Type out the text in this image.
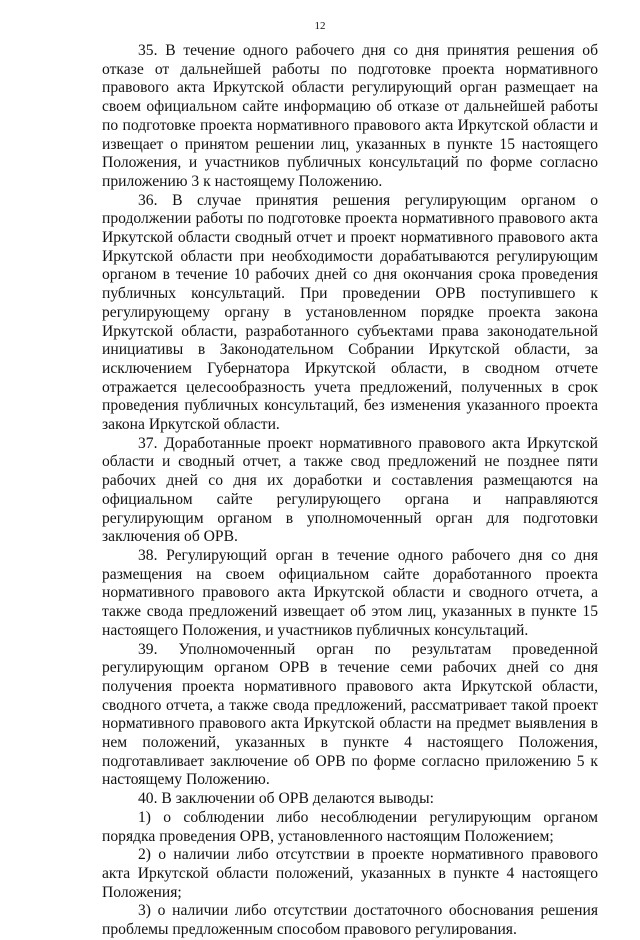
12

35. В течение одного рабочего дня со дня принятия решения об отказе от дальнейшей работы по подготовке проекта нормативного правового акта Иркутской области регулирующий орган размещает на своем официальном сайте информацию об отказе от дальнейшей работы по подготовке проекта нормативного правового акта Иркутской области и извещает о принятом решении лиц, указанных в пункте 15 настоящего Положения, и участников публичных консультаций по форме согласно приложению 3 к настоящему Положению.

36. В случае принятия решения регулирующим органом о продолжении работы по подготовке проекта нормативного правового акта Иркутской области сводный отчет и проект нормативного правового акта Иркутской области при необходимости дорабатываются регулирующим органом в течение 10 рабочих дней со дня окончания срока проведения публичных консультаций. При проведении ОРВ поступившего к регулирующему органу в установленном порядке проекта закона Иркутской области, разработанного субъектами права законодательной инициативы в Законодательном Собрании Иркутской области, за исключением Губернатора Иркутской области, в сводном отчете отражается целесообразность учета предложений, полученных в срок проведения публичных консультаций, без изменения указанного проекта закона Иркутской области.

37. Доработанные проект нормативного правового акта Иркутской области и сводный отчет, а также свод предложений не позднее пяти рабочих дней со дня их доработки и составления размещаются на официальном сайте регулирующего органа и направляются регулирующим органом в уполномоченный орган для подготовки заключения об ОРВ.

38. Регулирующий орган в течение одного рабочего дня со дня размещения на своем официальном сайте доработанного проекта нормативного правового акта Иркутской области и сводного отчета, а также свода предложений извещает об этом лиц, указанных в пункте 15 настоящего Положения, и участников публичных консультаций.

39. Уполномоченный орган по результатам проведенной регулирующим органом ОРВ в течение семи рабочих дней со дня получения проекта нормативного правового акта Иркутской области, сводного отчета, а также свода предложений, рассматривает такой проект нормативного правового акта Иркутской области на предмет выявления в нем положений, указанных в пункте 4 настоящего Положения, подготавливает заключение об ОРВ по форме согласно приложению 5 к настоящему Положению.

40. В заключении об ОРВ делаются выводы:

1) о соблюдении либо несоблюдении регулирующим органом порядка проведения ОРВ, установленного настоящим Положением;

2) о наличии либо отсутствии в проекте нормативного правового акта Иркутской области положений, указанных в пункте 4 настоящего Положения;

3) о наличии либо отсутствии достаточного обоснования решения проблемы предложенным способом правового регулирования.
